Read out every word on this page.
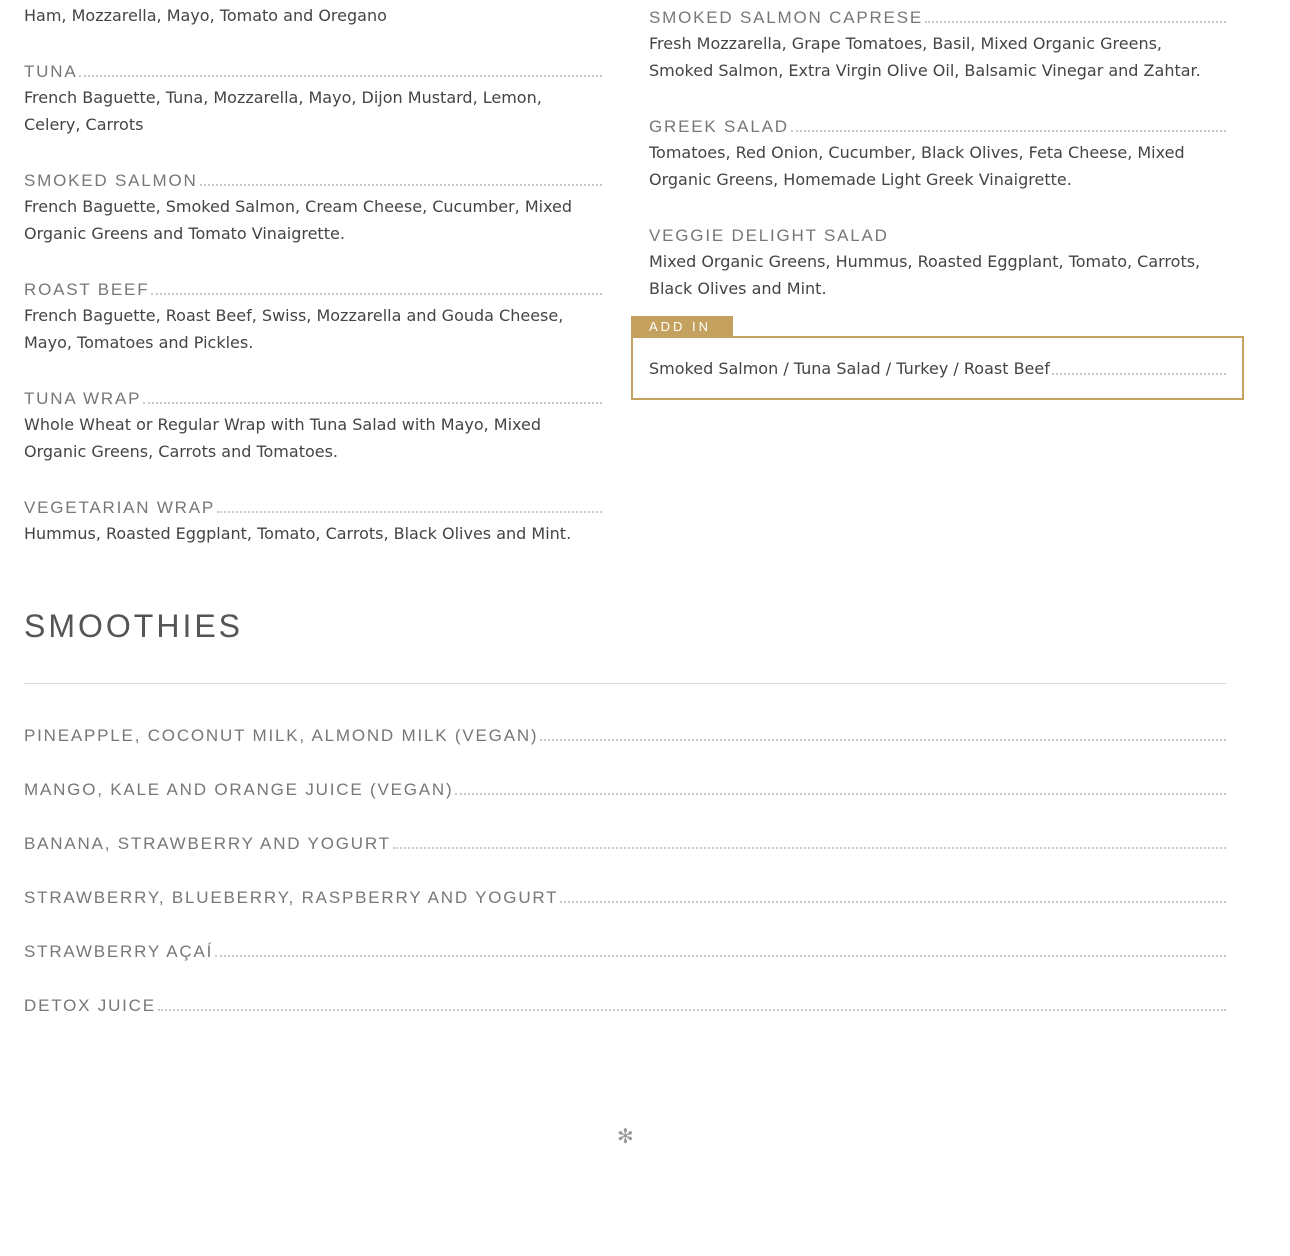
Ham, Mozzarella, Mayo, Tomato and Oregano
TUNA
French Baguette, Tuna, Mozzarella, Mayo, Dijon Mustard, Lemon, Celery, Carrots
SMOKED SALMON
French Baguette, Smoked Salmon, Cream Cheese, Cucumber, Mixed Organic Greens and Tomato Vinaigrette.
ROAST BEEF
French Baguette, Roast Beef, Swiss, Mozzarella and Gouda Cheese, Mayo, Tomatoes and Pickles.
TUNA WRAP
Whole Wheat or Regular Wrap with Tuna Salad with Mayo, Mixed Organic Greens, Carrots and Tomatoes.
VEGETARIAN WRAP
Hummus, Roasted Eggplant, Tomato, Carrots, Black Olives and Mint.
SMOKED SALMON CAPRESE
Fresh Mozzarella, Grape Tomatoes, Basil, Mixed Organic Greens, Smoked Salmon, Extra Virgin Olive Oil, Balsamic Vinegar and Zahtar.
GREEK SALAD
Tomatoes, Red Onion, Cucumber, Black Olives, Feta Cheese, Mixed Organic Greens, Homemade Light Greek Vinaigrette.
VEGGIE DELIGHT SALAD
Mixed Organic Greens, Hummus, Roasted Eggplant, Tomato, Carrots, Black Olives and Mint.
ADD IN
Smoked Salmon / Tuna Salad / Turkey / Roast Beef
SMOOTHIES
PINEAPPLE, COCONUT MILK, ALMOND MILK (VEGAN)
MANGO, KALE AND ORANGE JUICE (VEGAN)
BANANA, STRAWBERRY AND YOGURT
STRAWBERRY, BLUEBERRY, RASPBERRY AND YOGURT
STRAWBERRY AÇAÍ
DETOX JUICE
✻
